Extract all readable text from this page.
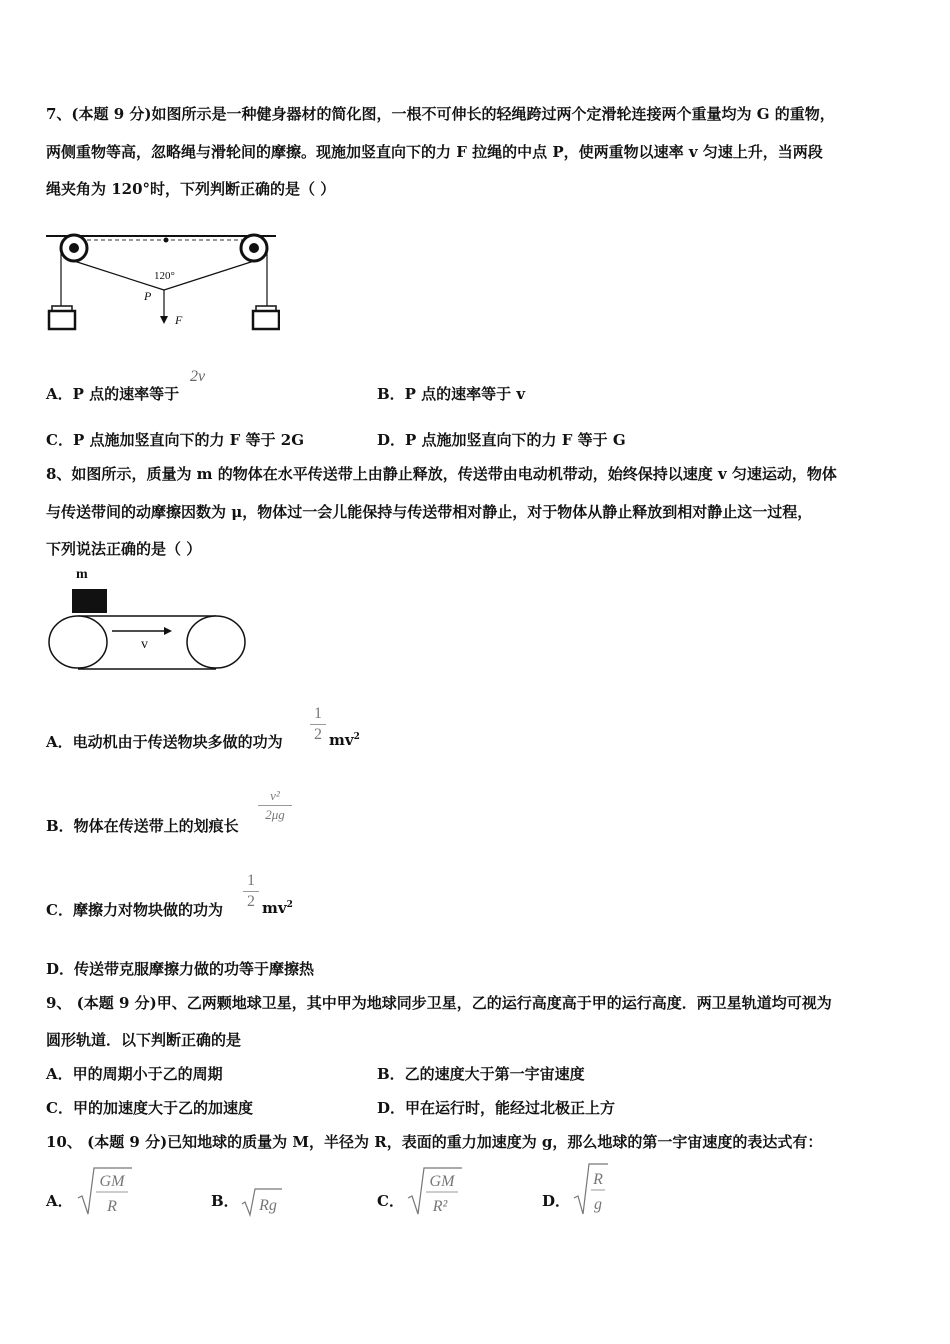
7、(本题 9 分)如图所示是一种健身器材的简化图，一根不可伸长的轻绳跨过两个定滑轮连接两个重量均为 G 的重物，
两侧重物等高，忽略绳与滑轮间的摩擦。现施加竖直向下的力 F 拉绳的中点 P，使两重物以速率 v 匀速上升，当两段
绳夹角为 120°时，下列判断正确的是（ ）
120°
P
F
A．P 点的速率等于
2v
B．P 点的速率等于 v
C．P 点施加竖直向下的力 F 等于 2G	D．P 点施加竖直向下的力 F 等于 G
8、如图所示，质量为 m 的物体在水平传送带上由静止释放，传送带由电动机带动，始终保持以速度 v 匀速运动，物体
与传送带间的动摩擦因数为 μ，物体过一会儿能保持与传送带相对静止，对于物体从静止释放到相对静止这一过程，
下列说法正确的是（ ）
m
v
A．电动机由于传送物块多做的功为
1
2 $mv^2$
B．物体在传送带上的划痕长
v²
2μg
C．摩擦力对物块做的功为
1
2 $mv^2$
D．传送带克服摩擦力做的功等于摩擦热
9、 (本题 9 分)甲、乙两颗地球卫星，其中甲为地球同步卫星，乙的运行高度高于甲的运行高度．两卫星轨道均可视为
圆形轨道．以下判断正确的是
A．甲的周期小于乙的周期	B．乙的速度大于第一宇宙速度
C．甲的加速度大于乙的加速度	D．甲在运行时，能经过北极正上方
10、 (本题 9 分)已知地球的质量为 M，半径为 R，表面的重力加速度为 g，那么地球的第一宇宙速度的表达式有：
A．
GM
R	B． Rg	C．
GM
R²	D．
R
g
